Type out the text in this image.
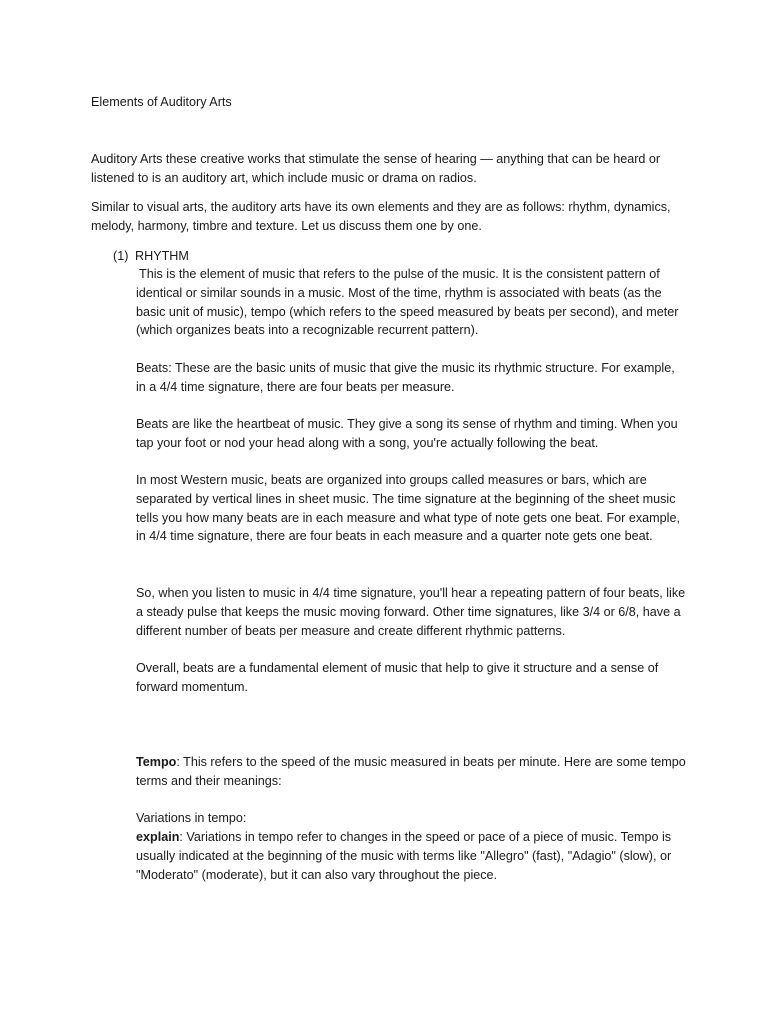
Elements of Auditory Arts

Auditory Arts these creative works that stimulate the sense of hearing — anything that can be heard or listened to is an auditory art, which include music or drama on radios.

Similar to visual arts, the auditory arts have its own elements and they are as follows: rhythm, dynamics, melody, harmony, timbre and texture. Let us discuss them one by one.

(1) RHYTHM

This is the element of music that refers to the pulse of the music. It is the consistent pattern of identical or similar sounds in a music. Most of the time, rhythm is associated with beats (as the basic unit of music), tempo (which refers to the speed measured by beats per second), and meter (which organizes beats into a recognizable recurrent pattern).

Beats: These are the basic units of music that give the music its rhythmic structure. For example, in a 4/4 time signature, there are four beats per measure.

Beats are like the heartbeat of music. They give a song its sense of rhythm and timing. When you tap your foot or nod your head along with a song, you're actually following the beat.

In most Western music, beats are organized into groups called measures or bars, which are separated by vertical lines in sheet music. The time signature at the beginning of the sheet music tells you how many beats are in each measure and what type of note gets one beat. For example, in 4/4 time signature, there are four beats in each measure and a quarter note gets one beat.

So, when you listen to music in 4/4 time signature, you'll hear a repeating pattern of four beats, like a steady pulse that keeps the music moving forward. Other time signatures, like 3/4 or 6/8, have a different number of beats per measure and create different rhythmic patterns.

Overall, beats are a fundamental element of music that help to give it structure and a sense of forward momentum.

Tempo: This refers to the speed of the music measured in beats per minute. Here are some tempo terms and their meanings:

Variations in tempo:

explain: Variations in tempo refer to changes in the speed or pace of a piece of music. Tempo is usually indicated at the beginning of the music with terms like "Allegro" (fast), "Adagio" (slow), or "Moderato" (moderate), but it can also vary throughout the piece.
